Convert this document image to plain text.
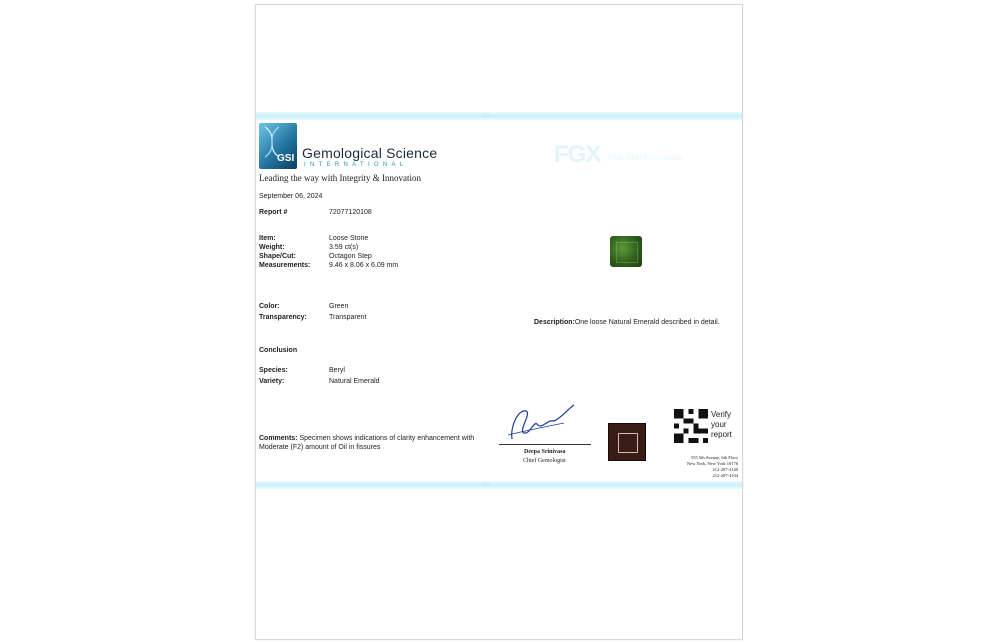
GSI
GSI Gemological Science
INTERNATIONAL
Leading the way with Integrity & Innovation
FGX FINE GEM EXCHANGE
September 06, 2024
Report #	72077120108
Item:	Loose Stone
Weight:	3.59 ct(s)
Shape/Cut:	Octagon Step
Measurements:	9.46 x 8.06 x 6.09 mm
Color:	Green
Transparency:	Transparent
Conclusion
Species:	Beryl
Variety:	Natural Emerald
Comments: Specimen shows indications of clarity enhancement with
Moderate (F2) amount of Oil in fissures
Description:One loose Natural Emerald described in detail.
Deepa Srinivasa
Chief Gemologist
Verify
your
report
555 5th Avenue, 6th Floor
New York, New York 10176
212-207-4140
212-207-4104
GSI
